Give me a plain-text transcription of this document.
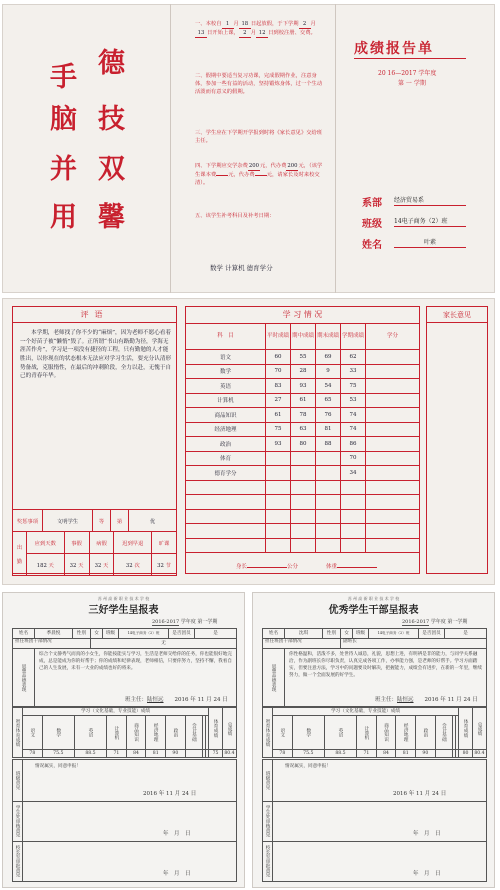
手
脑
并
用
德
技
双
馨
一、本校自 1 月 18 日起放假，于下学期 2 月13 日开始上课， 2 月 12 日到校注册、交费。
二、假期中要适当复习功课，完成假期作业，注意身体，参加一些有益的活动，坚持锻炼身体，过一个生动活泼而有意义的假期。
三、学生应在下学期开学报到时将《家长意见》交给班主任。
四、下学期应交学杂费200元，代办费200元，（该学生课本费 元，代办费 元，请家长及时来校交清）。
五、该学生补考科目及补考日期：
数学 计算机 德育学分
成绩报告单
20 16—2017 学年度
第 一 学期
系部 经济贸易系
班级 14电子商务（2）班
姓名	叶素
评语
本学期，老师找了你不少的“麻烦”，因为老师不愿心看着一个好苗子被“懒惰”毁了。正所谓“书山有路勤为径，学海无涯苦作舟”，学习是一项没有捷径的工程，只有勤勉的人才能胜出，以你现在的状态根本无法应对学习生活，要充分认清形势备战，克服惰性，在最后的冲刺阶段，全力以赴，无愧于自己的青春年华。
奖惩事项	文明学生	等	第	优
出

勤	应到天数	事假	病假	迟到早退	旷课
	182 天	32 天	32 天	32 次	32 节
学 习 情 况
科　目	平时成绩	期中成绩	期末成绩	学期成绩	学分
语文	60	55	69	62	
数学	70	28	9	33	
英语	83	93	54	75	
计算机	27	61	65	53	
商品知识	61	78	76	74	
经济地理	75	63	81	74	
政治	93	80	88	86	
体育				70	
德育学分				34	

身长	公分	体重
家长意见
苏 州 高 新 职 业 技 术 学 校
三好学生呈报表
2016-2017 学年度 第一学期
姓名	季晨悦	性别	女	班级	14电子商务（2）班	是否团员	是
担任班团干部情况			无				

思想品德表现	综合个文静秀气而真的小女生，你能按能实与学习，生活是老师交给你的任务，你也能很好地完成，总是能成为你的好帮手；你的成绩和纪律表现，老师相信，只要你努力，坚持不懈，我看自己的人生发展，未有一大业的成绩也好的将来。
班主任：陆恒远　　 2016 年 11 月 24 日						
智育体育成绩	学习（文化基础，专业技能）成绩										体育成绩	总成绩

	语文	数学	英语	计算机	商品知识	经济地理	政治	会计基础				

	78	75.5	88.5	71	84	81	90				75	80.4
班级意见	情况属实，同意申报！
2016 年 11 月 24 日

学生处审核意见	年　月　日

校长室审批意见	年　月　日
苏 州 高 新 职 业 技 术 学 校
优秀学生干部呈报表
2016-2017 学年度 第一学期
姓名	沈琪	性别	女	班级	14电子商务（2）班	是否团员	是
担任班团干部情况			副班长				

思想品德表现	你性格温和，活泼不多，处世待人诚恳，礼貌，思想上进，有明辨是非的能力，与同学关系融洽，作为副班长你尽职负责，认真完成各项工作，办事能力强，是老师的好帮手。学习方面踏实，但要注意方法，学习中的问题要及时解决，把握能力，成绩会有进步，在新的一年里，继续努力，做一个全面发展的好学生。
班主任：陆恒远　　 2016 年 11 月 24 日						
智育体育成绩	学习（文化基础，专业技能）成绩										体育成绩	总成绩

	语文	数学	英语	计算机	商品知识	经济地理	政治	会计基础				

	78	75.5	88.5	71	84	81	90				80	80.4
班级意见	情况属实，同意申报！
2016 年 11 月 24 日

学生处审核意见	年　月　日

校长室审批意见	年　月　日
